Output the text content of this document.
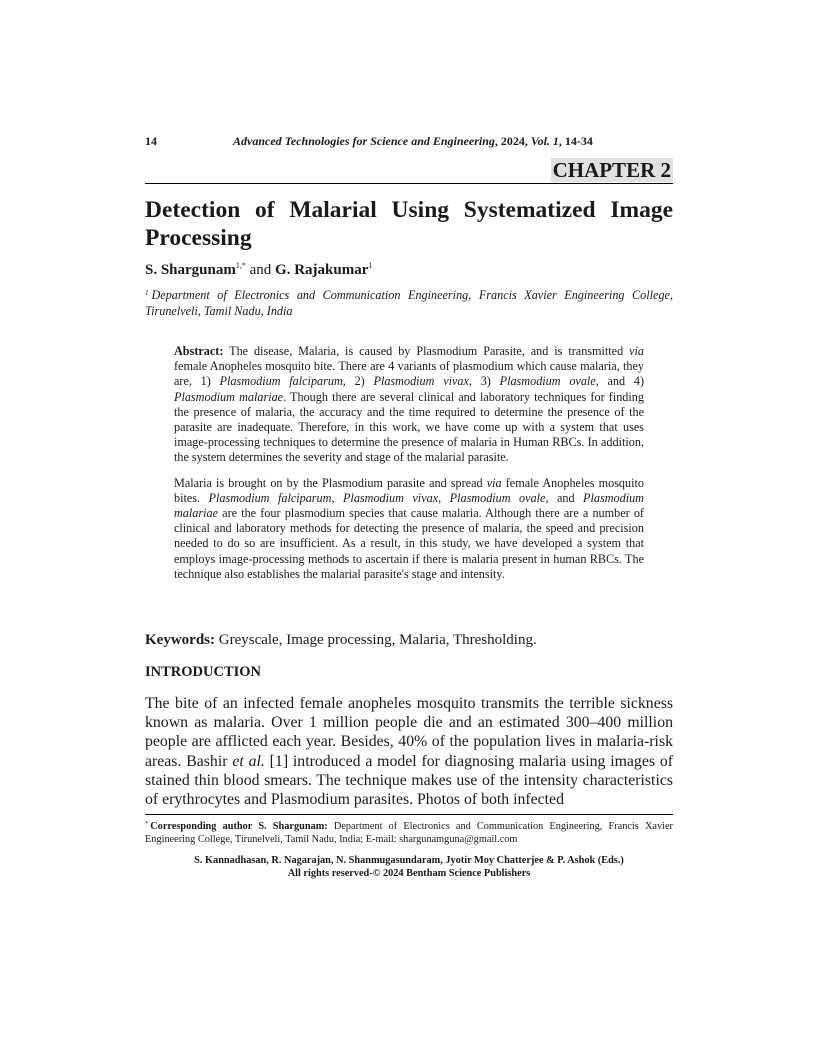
14	Advanced Technologies for Science and Engineering, 2024, Vol. 1, 14-34
CHAPTER 2
Detection of Malarial Using Systematized Image Processing
S. Shargunam$^{1,*}$ and G. Rajakumar$^1$
$^1$ Department of Electronics and Communication Engineering, Francis Xavier Engineering College, Tirunelveli, Tamil Nadu, India

Abstract: The disease, Malaria, is caused by Plasmodium Parasite, and is transmitted via female Anopheles mosquito bite. There are 4 variants of plasmodium which cause malaria, they are, 1) Plasmodium falciparum, 2) Plasmodium vivax, 3) Plasmodium ovale, and 4) Plasmodium malariae. Though there are several clinical and laboratory techniques for finding the presence of malaria, the accuracy and the time required to determine the presence of the parasite are inadequate. Therefore, in this work, we have come up with a system that uses image-processing techniques to determine the presence of malaria in Human RBCs. In addition, the system determines the severity and stage of the malarial parasite.

Malaria is brought on by the Plasmodium parasite and spread via female Anopheles mosquito bites. Plasmodium falciparum, Plasmodium vivax, Plasmodium ovale, and Plasmodium malariae are the four plasmodium species that cause malaria. Although there are a number of clinical and laboratory methods for detecting the presence of malaria, the speed and precision needed to do so are insufficient. As a result, in this study, we have developed a system that employs image-processing methods to ascertain if there is malaria present in human RBCs. The technique also establishes the malarial parasite's stage and intensity.

Keywords: Greyscale, Image processing, Malaria, Thresholding.
INTRODUCTION
The bite of an infected female anopheles mosquito transmits the terrible sickness known as malaria. Over 1 million people die and an estimated 300–400 million people are afflicted each year. Besides, 40% of the population lives in malaria-risk areas. Bashir et al. [1] introduced a model for diagnosing malaria using images of stained thin blood smears. The technique makes use of the intensity characteristics of erythrocytes and Plasmodium parasites. Photos of both infected
* Corresponding author S. Shargunam: Department of Electronics and Communication Engineering, Francis Xavier Engineering College, Tirunelveli, Tamil Nadu, India; E-mail: shargunamguna@gmail.com
S. Kannadhasan, R. Nagarajan, N. Shanmugasundaram, Jyotir Moy Chatterjee & P. Ashok (Eds.)
All rights reserved-© 2024 Bentham Science Publishers
